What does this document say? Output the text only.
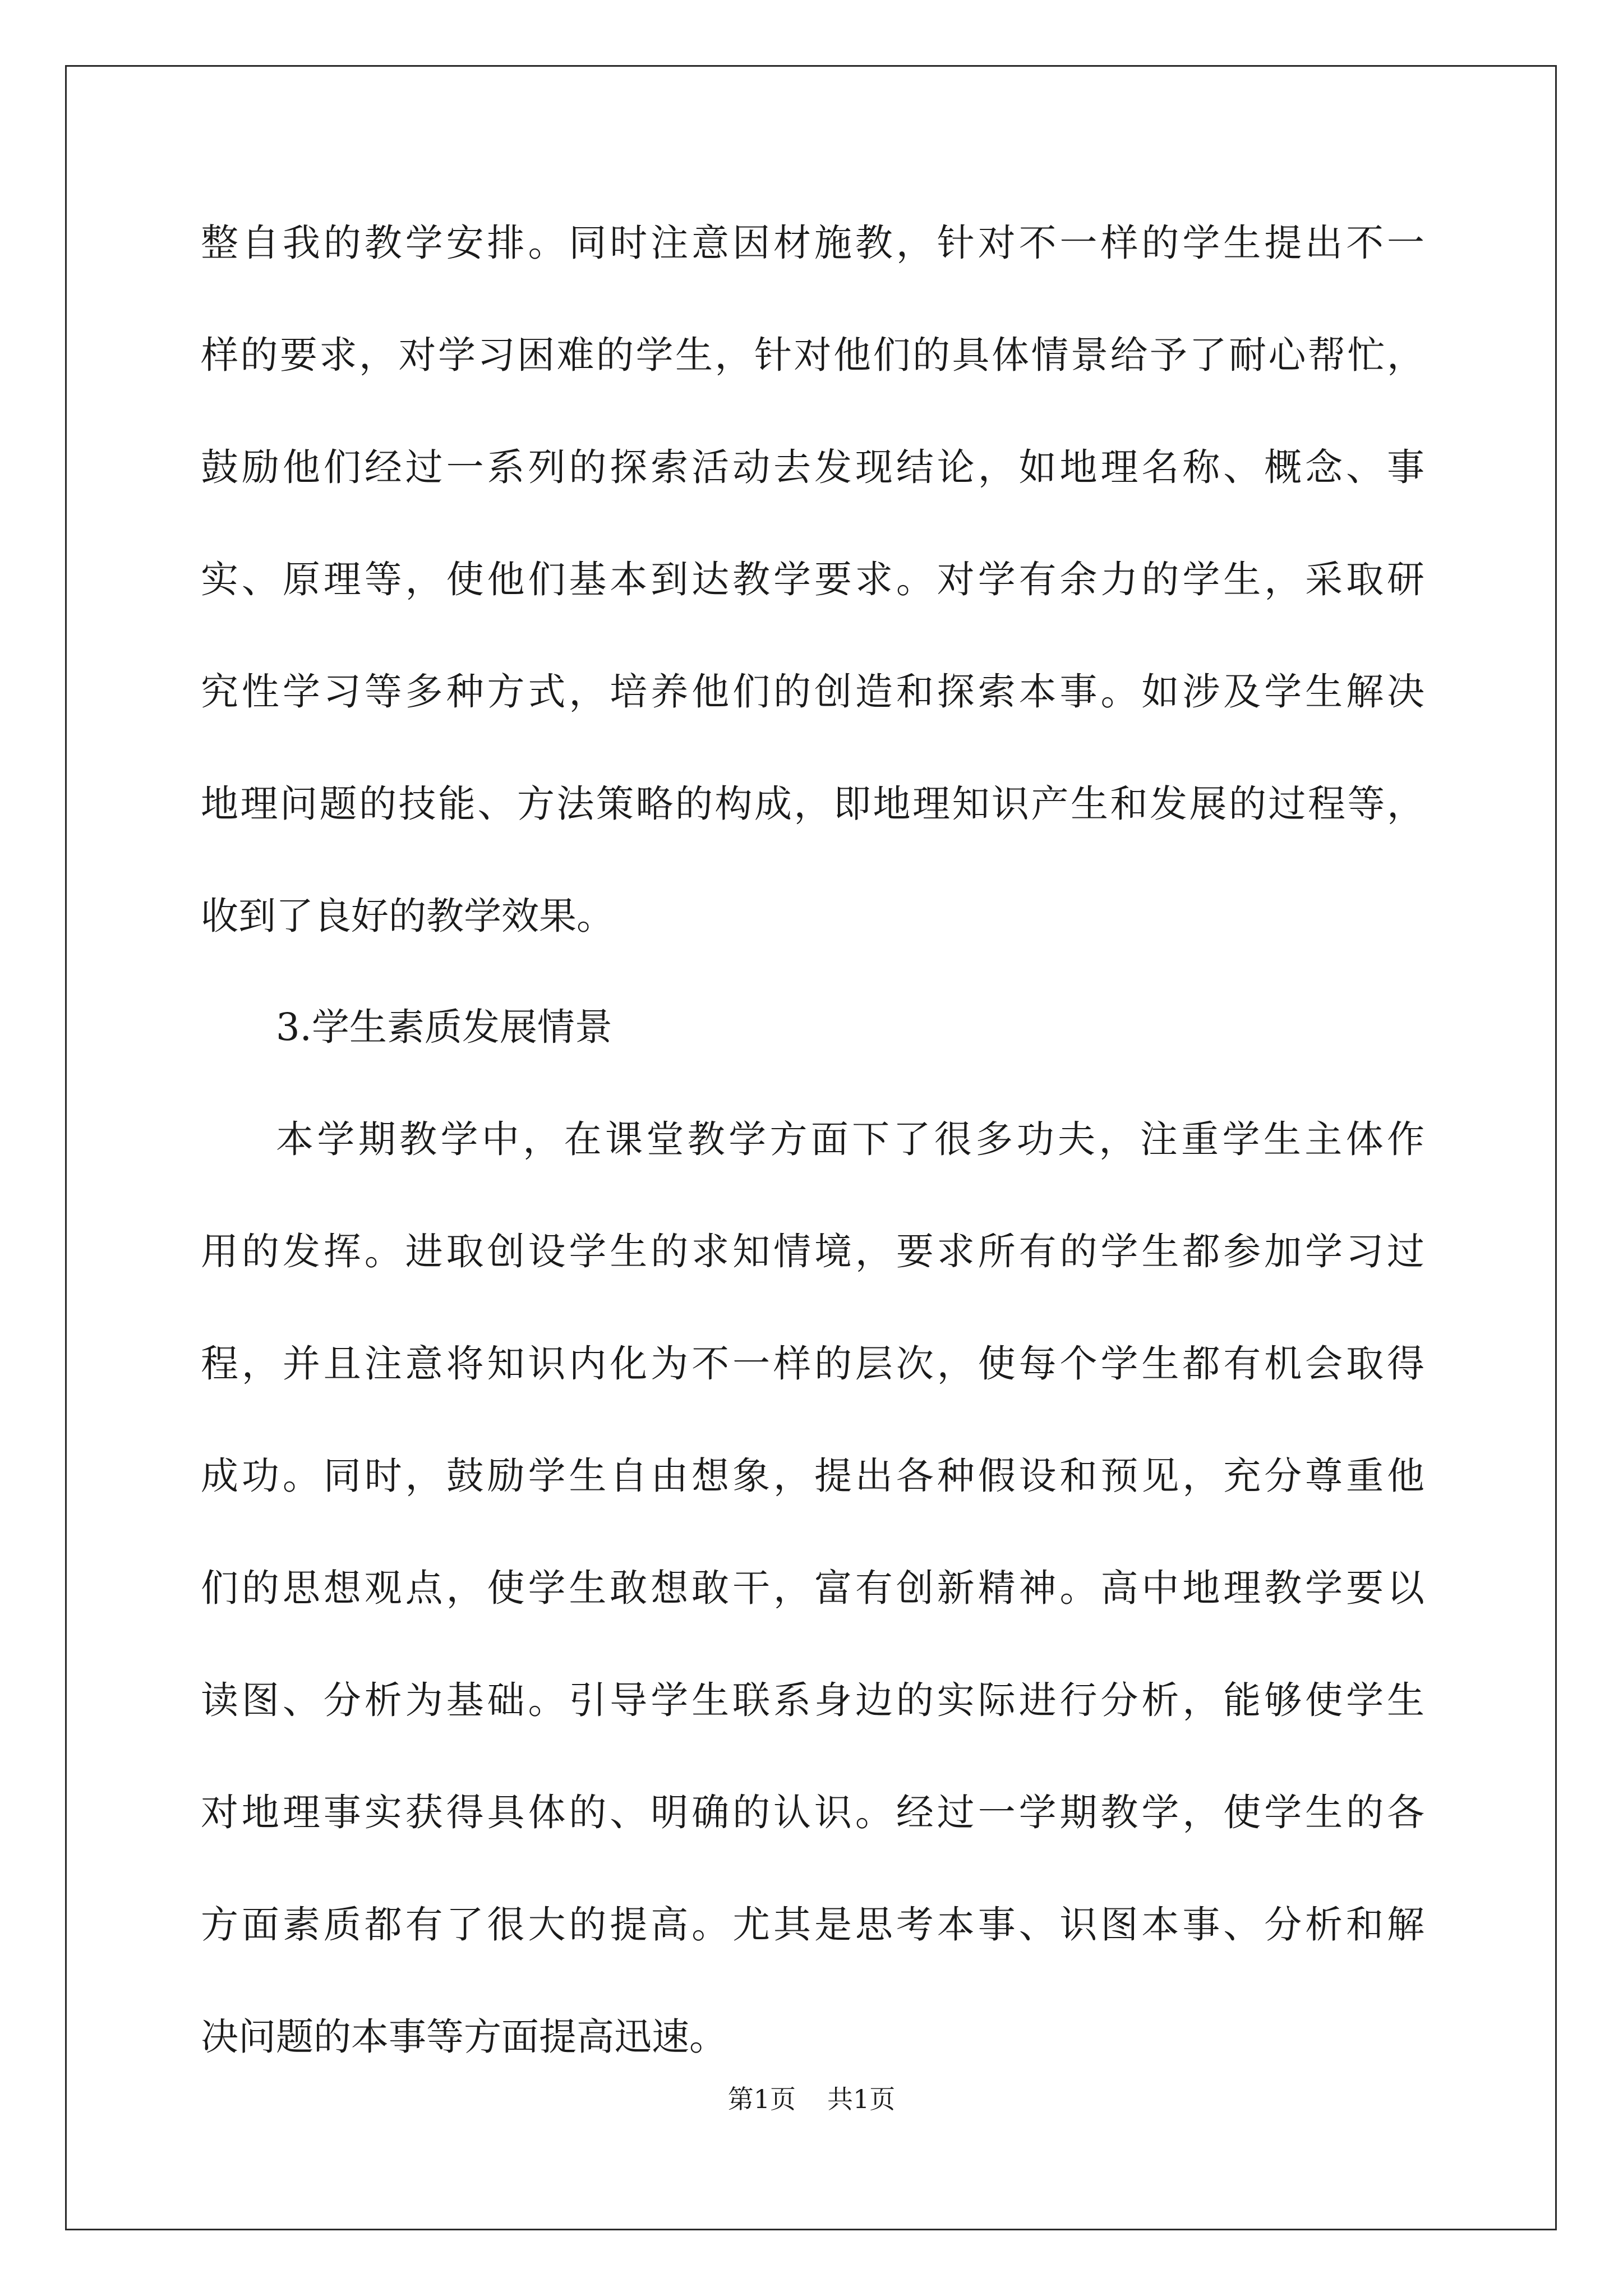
整自我的教学安排。同时注意因材施教，针对不一样的学生提出不一
样的要求，对学习困难的学生，针对他们的具体情景给予了耐心帮忙，
鼓励他们经过一系列的探索活动去发现结论，如地理名称、概念、事
实、原理等，使他们基本到达教学要求。对学有余力的学生，采取研
究性学习等多种方式，培养他们的创造和探索本事。如涉及学生解决
地理问题的技能、方法策略的构成，即地理知识产生和发展的过程等，
收到了良好的教学效果。
3.学生素质发展情景
本学期教学中，在课堂教学方面下了很多功夫，注重学生主体作
用的发挥。进取创设学生的求知情境，要求所有的学生都参加学习过
程，并且注意将知识内化为不一样的层次，使每个学生都有机会取得
成功。同时，鼓励学生自由想象，提出各种假设和预见，充分尊重他
们的思想观点，使学生敢想敢干，富有创新精神。高中地理教学要以
读图、分析为基础。引导学生联系身边的实际进行分析，能够使学生
对地理事实获得具体的、明确的认识。经过一学期教学，使学生的各
方面素质都有了很大的提高。尤其是思考本事、识图本事、分析和解
决问题的本事等方面提高迅速。
第1页 共1页
